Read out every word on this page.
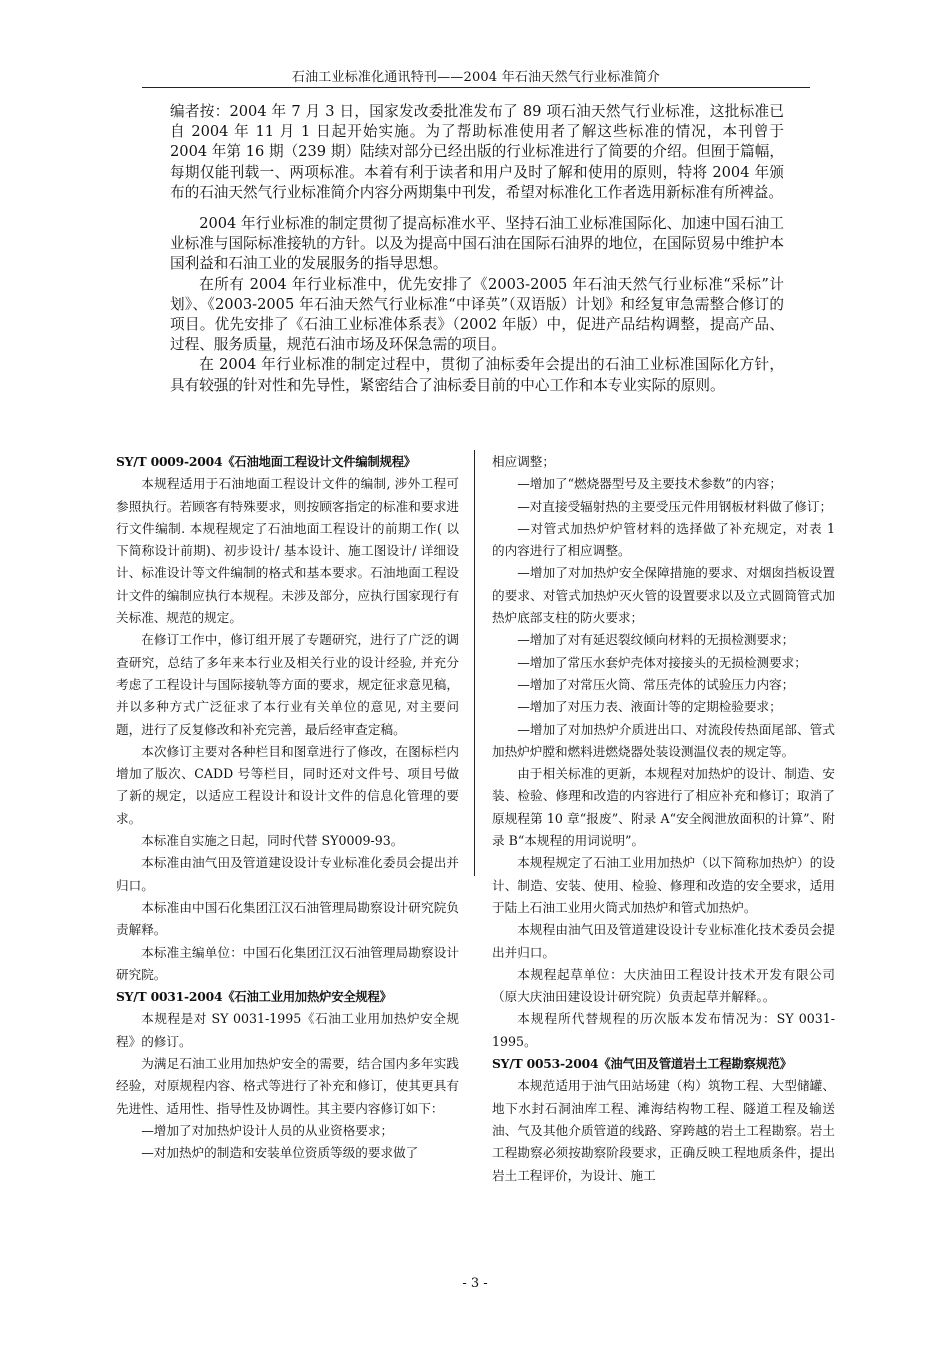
石油工业标准化通讯特刊——2004 年石油天然气行业标准简介

编者按：2004 年 7 月 3 日，国家发改委批准发布了 89 项石油天然气行业标准，这批标准已自 2004 年 11 月 1 日起开始实施。为了帮助标准使用者了解这些标准的情况，本刊曾于 2004 年第 16 期（239 期）陆续对部分已经出版的行业标准进行了简要的介绍。但囿于篇幅，每期仅能刊载一、两项标准。本着有利于读者和用户及时了解和使用的原则，特将 2004 年颁布的石油天然气行业标准简介内容分两期集中刊发，希望对标准化工作者选用新标准有所裨益。

2004 年行业标准的制定贯彻了提高标准水平、坚持石油工业标准国际化、加速中国石油工业标准与国际标准接轨的方针。以及为提高中国石油在国际石油界的地位，在国际贸易中维护本国利益和石油工业的发展服务的指导思想。

在所有 2004 年行业标准中，优先安排了《2003-2005 年石油天然气行业标准“采标”计划》、《2003-2005 年石油天然气行业标准“中译英”（双语版）计划》和经复审急需整合修订的项目。优先安排了《石油工业标准体系表》（2002 年版）中，促进产品结构调整，提高产品、过程、服务质量，规范石油市场及环保急需的项目。

在 2004 年行业标准的制定过程中，贯彻了油标委年会提出的石油工业标准国际化方针，具有较强的针对性和先导性，紧密结合了油标委目前的中心工作和本专业实际的原则。

SY/T 0009-2004《石油地面工程设计文件编制规程》

本规程适用于石油地面工程设计文件的编制, 涉外工程可参照执行。若顾客有特殊要求，则按顾客指定的标准和要求进行文件编制. 本规程规定了石油地面工程设计的前期工作( 以下简称设计前期)、初步设计/ 基本设计、施工图设计/ 详细设计、标准设计等文件编制的格式和基本要求。石油地面工程设计文件的编制应执行本规程。未涉及部分，应执行国家现行有关标准、规范的规定。

在修订工作中，修订组开展了专题研究，进行了广泛的调查研究，总结了多年来本行业及相关行业的设计经验, 并充分考虑了工程设计与国际接轨等方面的要求，规定征求意见稿，并以多种方式广泛征求了本行业有关单位的意见, 对主要问题，进行了反复修改和补充完善，最后经审查定稿。

本次修订主要对各种栏目和图章进行了修改，在图标栏内增加了版次、CADD 号等栏目，同时还对文件号、项目号做了新的规定，以适应工程设计和设计文件的信息化管理的要求。

本标准自实施之日起，同时代替 SY0009-93。

本标准由油气田及管道建设设计专业标准化委员会提出并归口。

本标准由中国石化集团江汉石油管理局勘察设计研究院负责解释。

本标准主编单位：中国石化集团江汉石油管理局勘察设计研究院。

SY/T 0031-2004《石油工业用加热炉安全规程》

本规程是对 SY 0031-1995《石油工业用加热炉安全规程》的修订。

为满足石油工业用加热炉安全的需要，结合国内多年实践经验，对原规程内容、格式等进行了补充和修订，使其更具有先进性、适用性、指导性及协调性。其主要内容修订如下：

—增加了对加热炉设计人员的从业资格要求；

—对加热炉的制造和安装单位资质等级的要求做了

相应调整；

—增加了“燃烧器型号及主要技术参数”的内容；

—对直接受辐射热的主要受压元件用钢板材料做了修订；

—对管式加热炉炉管材料的选择做了补充规定，对表 1 的内容进行了相应调整。

—增加了对加热炉安全保障措施的要求、对烟囱挡板设置的要求、对管式加热炉灭火管的设置要求以及立式圆筒管式加热炉底部支柱的防火要求；

—增加了对有延迟裂纹倾向材料的无损检测要求；

—增加了常压水套炉壳体对接接头的无损检测要求；

—增加了对常压火筒、常压壳体的试验压力内容；

—增加了对压力表、液面计等的定期检验要求；

—增加了对加热炉介质进出口、对流段传热面尾部、管式加热炉炉膛和燃料进燃烧器处装设测温仪表的规定等。

由于相关标准的更新，本规程对加热炉的设计、制造、安装、检验、修理和改造的内容进行了相应补充和修订；取消了原规程第 10 章“报废”、附录 A“安全阀泄放面积的计算”、附录 B“本规程的用词说明”。

本规程规定了石油工业用加热炉（以下简称加热炉）的设计、制造、安装、使用、检验、修理和改造的安全要求，适用于陆上石油工业用火筒式加热炉和管式加热炉。

本规程由油气田及管道建设设计专业标准化技术委员会提出并归口。

本规程起草单位：大庆油田工程设计技术开发有限公司（原大庆油田建设设计研究院）负责起草并解释。。

本规程所代替规程的历次版本发布情况为：SY 0031-1995。

SY/T 0053-2004《油气田及管道岩土工程勘察规范》

本规范适用于油气田站场建（构）筑物工程、大型储罐、地下水封石洞油库工程、滩海结构物工程、隧道工程及输送油、气及其他介质管道的线路、穿跨越的岩土工程勘察。岩土工程勘察必须按勘察阶段要求，正确反映工程地质条件，提出岩土工程评价，为设计、施工

- 3 -
